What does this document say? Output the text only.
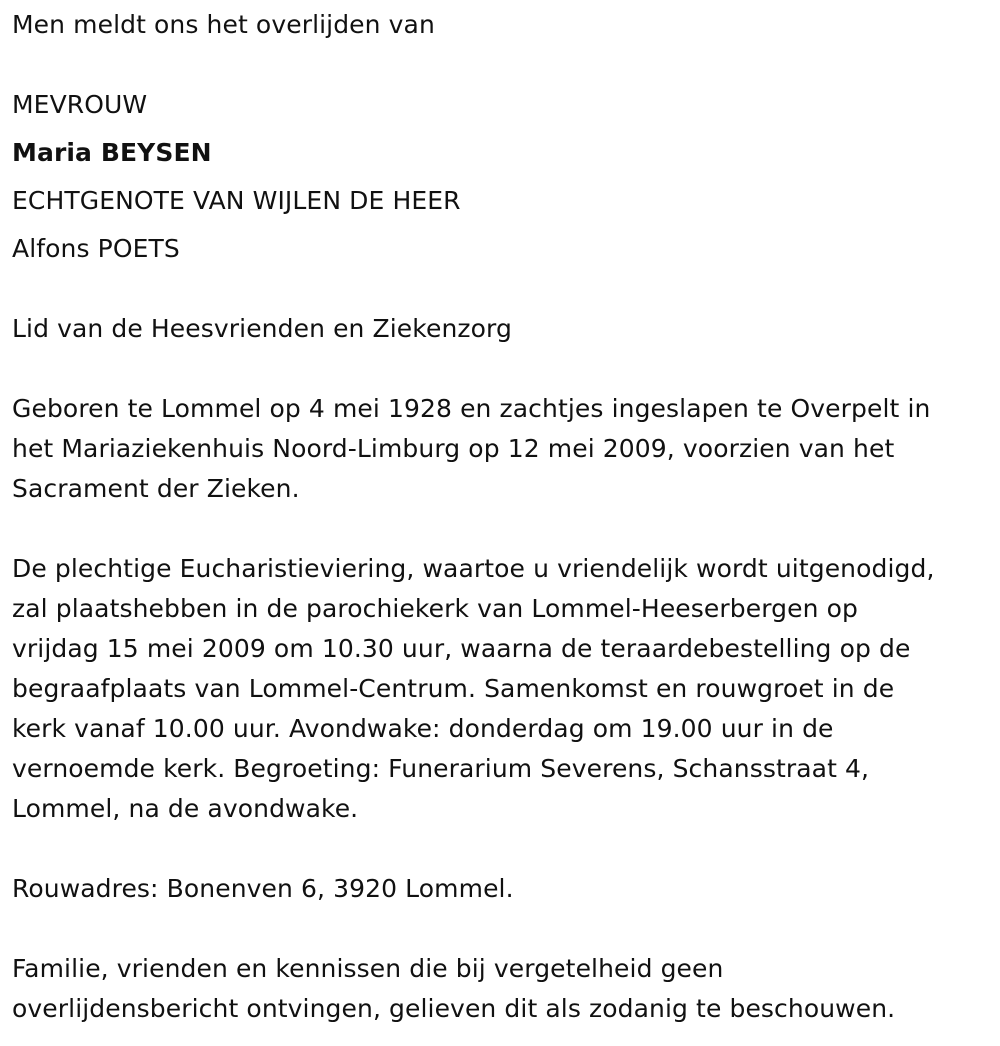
Men meldt ons het overlijden van
MEVROUW
Maria BEYSEN
ECHTGENOTE VAN WIJLEN DE HEER
Alfons POETS
Lid van de Heesvrienden en Ziekenzorg
Geboren te Lommel op 4 mei 1928 en zachtjes ingeslapen te Overpelt in
het Mariaziekenhuis Noord-Limburg op 12 mei 2009, voorzien van het
Sacrament der Zieken.
De plechtige Eucharistieviering, waartoe u vriendelijk wordt uitgenodigd,
zal plaatshebben in de parochiekerk van Lommel-Heeserbergen op
vrijdag 15 mei 2009 om 10.30 uur, waarna de teraardebestelling op de
begraafplaats van Lommel-Centrum. Samenkomst en rouwgroet in de
kerk vanaf 10.00 uur. Avondwake: donderdag om 19.00 uur in de
vernoemde kerk. Begroeting: Funerarium Severens, Schansstraat 4,
Lommel, na de avondwake.
Rouwadres: Bonenven 6, 3920 Lommel.
Familie, vrienden en kennissen die bij vergetelheid geen
overlijdensbericht ontvingen, gelieven dit als zodanig te beschouwen.
